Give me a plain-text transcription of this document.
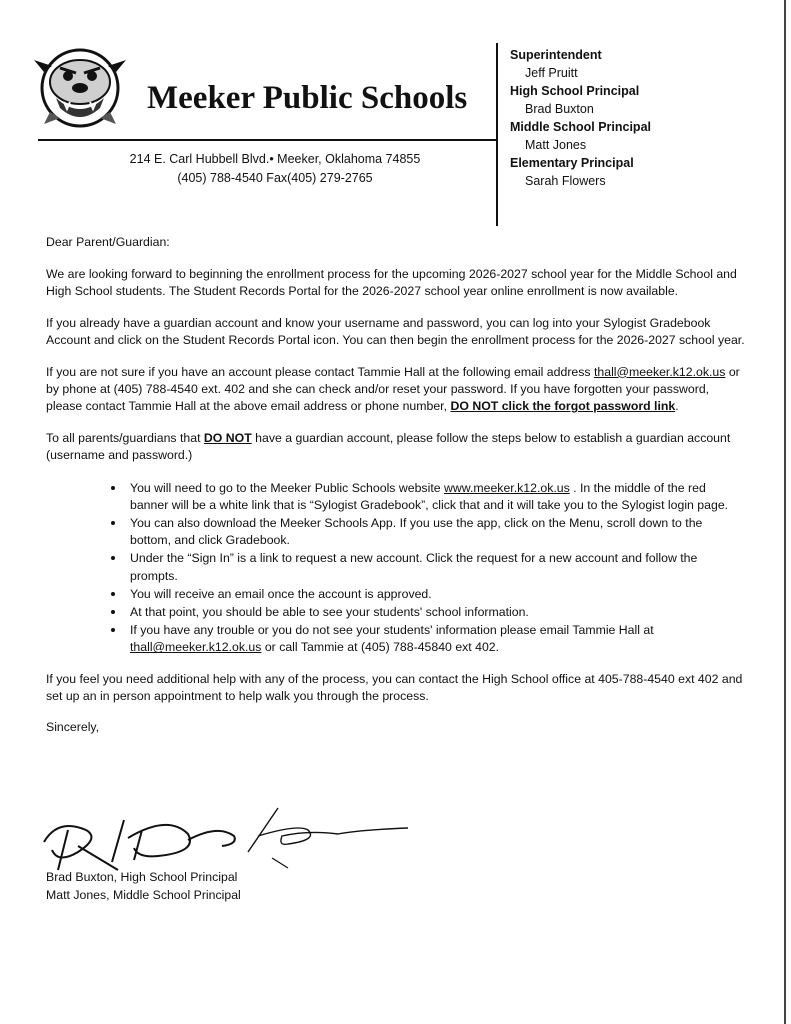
Meeker Public Schools
214 E. Carl Hubbell Blvd.• Meeker, Oklahoma 74855
(405) 788-4540 Fax(405) 279-2765
Superintendent
Jeff Pruitt
High School Principal
Brad Buxton
Middle School Principal
Matt Jones
Elementary Principal
Sarah Flowers

Dear Parent/Guardian:

We are looking forward to beginning the enrollment process for the upcoming 2026-2027 school year for the Middle School and High School students. The Student Records Portal for the 2026-2027 school year online enrollment is now available.

If you already have a guardian account and know your username and password, you can log into your Sylogist Gradebook Account and click on the Student Records Portal icon. You can then begin the enrollment process for the 2026-2027 school year.

If you are not sure if you have an account please contact Tammie Hall at the following email address thall@meeker.k12.ok.us or by phone at (405) 788-4540 ext. 402 and she can check and/or reset your password. If you have forgotten your password, please contact Tammie Hall at the above email address or phone number, DO NOT click the forgot password link.

To all parents/guardians that DO NOT have a guardian account, please follow the steps below to establish a guardian account (username and password.)

• You will need to go to the Meeker Public Schools website www.meeker.k12.ok.us . In the middle of the red banner will be a white link that is “Sylogist Gradebook”, click that and it will take you to the Sylogist login page.
• You can also download the Meeker Schools App. If you use the app, click on the Menu, scroll down to the bottom, and click Gradebook.
• Under the “Sign In” is a link to request a new account. Click the request for a new account and follow the prompts.
• You will receive an email once the account is approved.
• At that point, you should be able to see your students' school information.
• If you have any trouble or you do not see your students' information please email Tammie Hall at thall@meeker.k12.ok.us or call Tammie at (405) 788-45840 ext 402.

If you feel you need additional help with any of the process, you can contact the High School office at 405-788-4540 ext 402 and set up an in person appointment to help walk you through the process.

Sincerely,

Brad Buxton, High School Principal
Matt Jones, Middle School Principal
